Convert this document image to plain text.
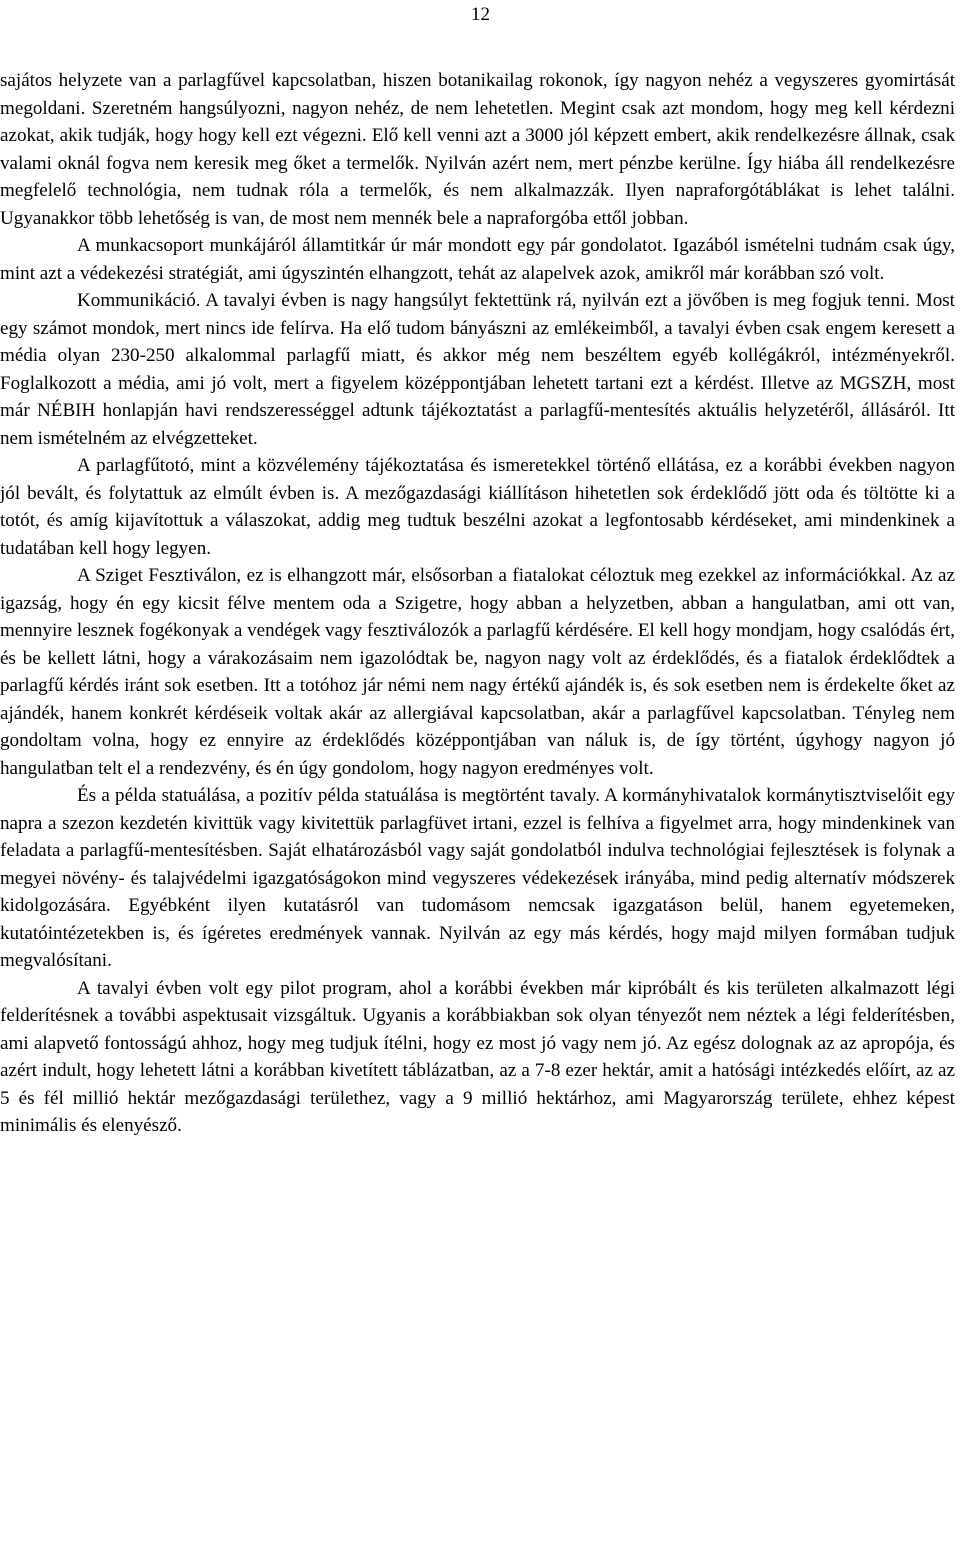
12

sajátos helyzete van a parlagfűvel kapcsolatban, hiszen botanikailag rokonok, így nagyon nehéz a vegyszeres gyomirtását megoldani. Szeretném hangsúlyozni, nagyon nehéz, de nem lehetetlen. Megint csak azt mondom, hogy meg kell kérdezni azokat, akik tudják, hogy hogy kell ezt végezni. Elő kell venni azt a 3000 jól képzett embert, akik rendelkezésre állnak, csak valami oknál fogva nem keresik meg őket a termelők. Nyilván azért nem, mert pénzbe kerülne. Így hiába áll rendelkezésre megfelelő technológia, nem tudnak róla a termelők, és nem alkalmazzák. Ilyen napraforgótáblákat is lehet találni. Ugyanakkor több lehetőség is van, de most nem mennék bele a napraforgóba ettől jobban.

A munkacsoport munkájáról államtitkár úr már mondott egy pár gondolatot. Igazából ismételni tudnám csak úgy, mint azt a védekezési stratégiát, ami úgyszintén elhangzott, tehát az alapelvek azok, amikről már korábban szó volt.

Kommunikáció. A tavalyi évben is nagy hangsúlyt fektettünk rá, nyilván ezt a jövőben is meg fogjuk tenni. Most egy számot mondok, mert nincs ide felírva. Ha elő tudom bányászni az emlékeimből, a tavalyi évben csak engem keresett a média olyan 230-250 alkalommal parlagfű miatt, és akkor még nem beszéltem egyéb kollégákról, intézményekről. Foglalkozott a média, ami jó volt, mert a figyelem középpontjában lehetett tartani ezt a kérdést. Illetve az MGSZH, most már NÉBIH honlapján havi rendszerességgel adtunk tájékoztatást a parlagfű-mentesítés aktuális helyzetéről, állásáról. Itt nem ismételném az elvégzetteket.

A parlagfűtotó, mint a közvélemény tájékoztatása és ismeretekkel történő ellátása, ez a korábbi években nagyon jól bevált, és folytattuk az elmúlt évben is. A mezőgazdasági kiállításon hihetetlen sok érdeklődő jött oda és töltötte ki a totót, és amíg kijavítottuk a válaszokat, addig meg tudtuk beszélni azokat a legfontosabb kérdéseket, ami mindenkinek a tudatában kell hogy legyen.

A Sziget Fesztiválon, ez is elhangzott már, elsősorban a fiatalokat céloztuk meg ezekkel az információkkal. Az az igazság, hogy én egy kicsit félve mentem oda a Szigetre, hogy abban a helyzetben, abban a hangulatban, ami ott van, mennyire lesznek fogékonyak a vendégek vagy fesztiválozók a parlagfű kérdésére. El kell hogy mondjam, hogy csalódás ért, és be kellett látni, hogy a várakozásaim nem igazolódtak be, nagyon nagy volt az érdeklődés, és a fiatalok érdeklődtek a parlagfű kérdés iránt sok esetben. Itt a totóhoz jár némi nem nagy értékű ajándék is, és sok esetben nem is érdekelte őket az ajándék, hanem konkrét kérdéseik voltak akár az allergiával kapcsolatban, akár a parlagfűvel kapcsolatban. Tényleg nem gondoltam volna, hogy ez ennyire az érdeklődés középpontjában van náluk is, de így történt, úgyhogy nagyon jó hangulatban telt el a rendezvény, és én úgy gondolom, hogy nagyon eredményes volt.

És a példa statuálása, a pozitív példa statuálása is megtörtént tavaly. A kormányhivatalok kormánytisztviselőit egy napra a szezon kezdetén kivittük vagy kivitettük parlagfüvet irtani, ezzel is felhíva a figyelmet arra, hogy mindenkinek van feladata a parlagfű-mentesítésben. Saját elhatározásból vagy saját gondolatból indulva technológiai fejlesztések is folynak a megyei növény- és talajvédelmi igazgatóságokon mind vegyszeres védekezések irányába, mind pedig alternatív módszerek kidolgozására. Egyébként ilyen kutatásról van tudomásom nemcsak igazgatáson belül, hanem egyetemeken, kutatóintézetekben is, és ígéretes eredmények vannak. Nyilván az egy más kérdés, hogy majd milyen formában tudjuk megvalósítani.

A tavalyi évben volt egy pilot program, ahol a korábbi években már kipróbált és kis területen alkalmazott légi felderítésnek a további aspektusait vizsgáltuk. Ugyanis a korábbiakban sok olyan tényezőt nem néztek a légi felderítésben, ami alapvető fontosságú ahhoz, hogy meg tudjuk ítélni, hogy ez most jó vagy nem jó. Az egész dolognak az az apropója, és azért indult, hogy lehetett látni a korábban kivetített táblázatban, az a 7-8 ezer hektár, amit a hatósági intézkedés előírt, az az 5 és fél millió hektár mezőgazdasági területhez, vagy a 9 millió hektárhoz, ami Magyarország területe, ehhez képest minimális és elenyésző.
